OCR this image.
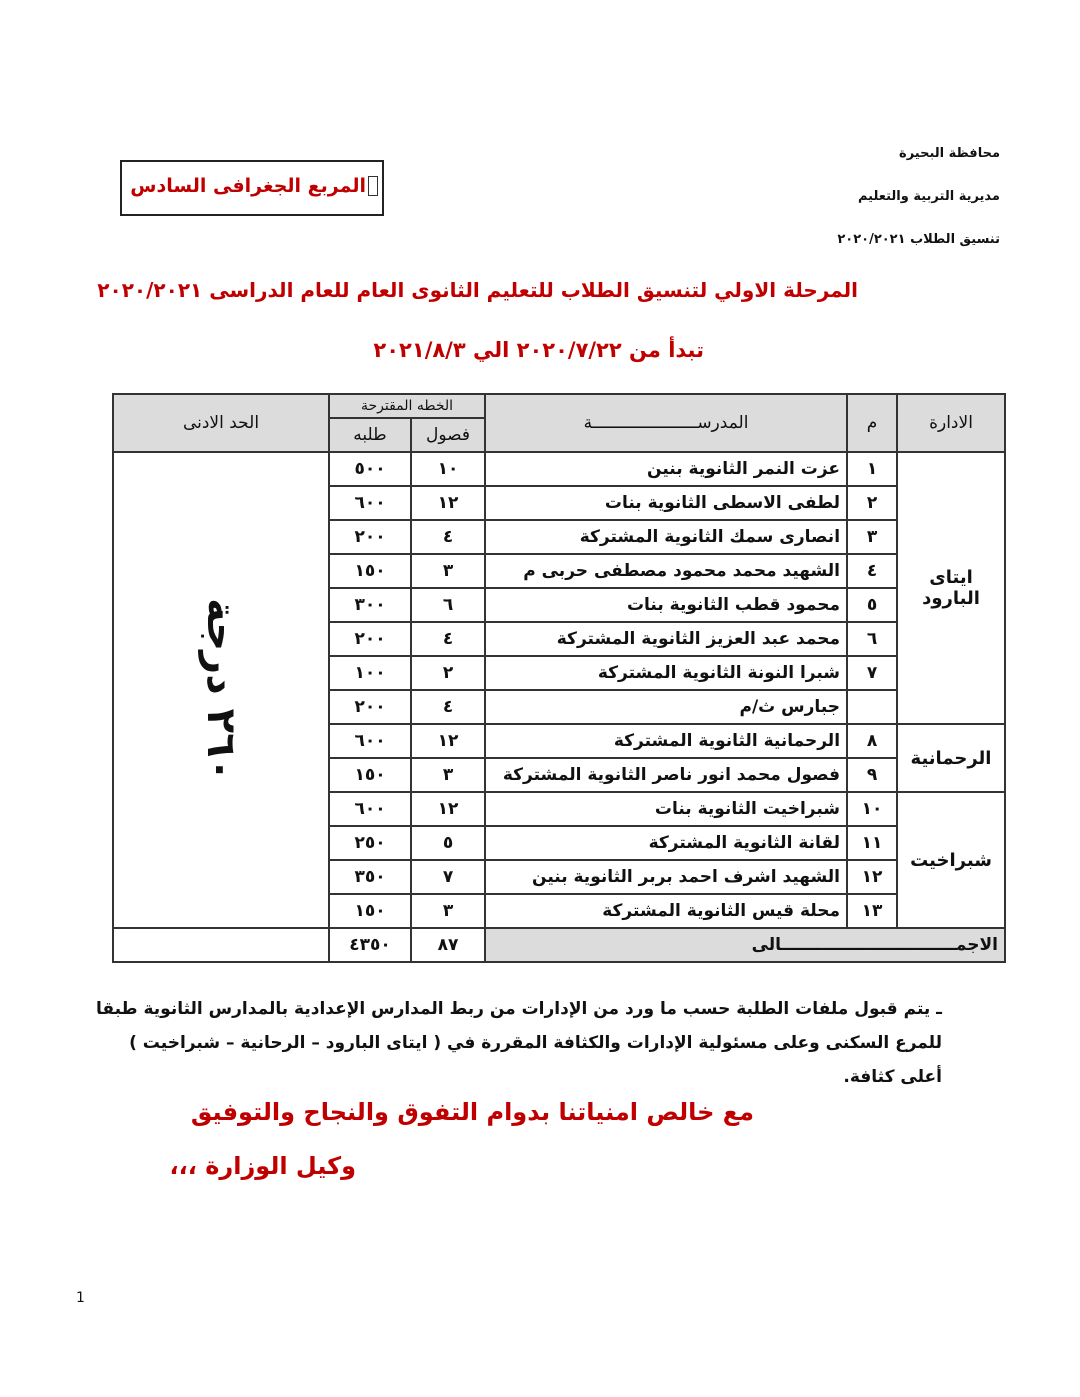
محافظة البحيرة
مديرية التربية والتعليم
تنسيق الطلاب ٢٠٢٠/٢٠٢١
المربع الجغرافى السادس
المرحلة الاولي لتنسيق الطلاب للتعليم الثانوى العام للعام الدراسى ٢٠٢٠/٢٠٢١
تبدأ من ٢٠٢٠/٧/٢٢ الي ٢٠٢١/٨/٣
الادارة	م	المدرســـــــــــــــــــــة	الخطه المقترحة		الحد الادنى
			فصول	طلبه	
ايتاى البارود	١	عزت النمر الثانوية بنين	١٠	٥٠٠	٢٦٠ درجة
	٢	لطفى الاسطى الثانوية بنات	١٢	٦٠٠	
	٣	انصارى سمك الثانوية المشتركة	٤	٢٠٠	
	٤	الشهيد محمد محمود مصطفى حربى م	٣	١٥٠	
	٥	محمود قطب الثانوية بنات	٦	٣٠٠	
	٦	محمد عبد العزيز الثانوية المشتركة	٤	٢٠٠	
	٧	شبرا النونة الثانوية المشتركة	٢	١٠٠	
		جبارس ث/م	٤	٢٠٠	
الرحمانية	٨	الرحمانية الثانوية المشتركة	١٢	٦٠٠	
	٩	فصول محمد انور ناصر الثانوية المشتركة	٣	١٥٠	
شبراخيت	١٠	شبراخيت الثانوية بنات	١٢	٦٠٠	
	١١	لقانة الثانوية المشتركة	٥	٢٥٠	
	١٢	الشهيد اشرف احمد بربر الثانوية بنين	٧	٣٥٠	
	١٣	محلة قيس الثانوية المشتركة	٣	١٥٠	
الاجمــــــــــــــــــــــــــــــالى			٨٧	٤٣٥٠	
ـ يتم قبول ملفات الطلبة حسب ما ورد من الإدارات من ربط المدارس الإعدادية بالمدارس الثانوية طبقا للمرع السكنى وعلى مسئولية الإدارات والكثافة المقررة في ( ايتاى البارود – الرحانية – شبراخيت ) أعلى كثافة.
مع خالص امنياتنا بدوام التفوق والنجاح والتوفيق
وكيل الوزارة ،،،
1
